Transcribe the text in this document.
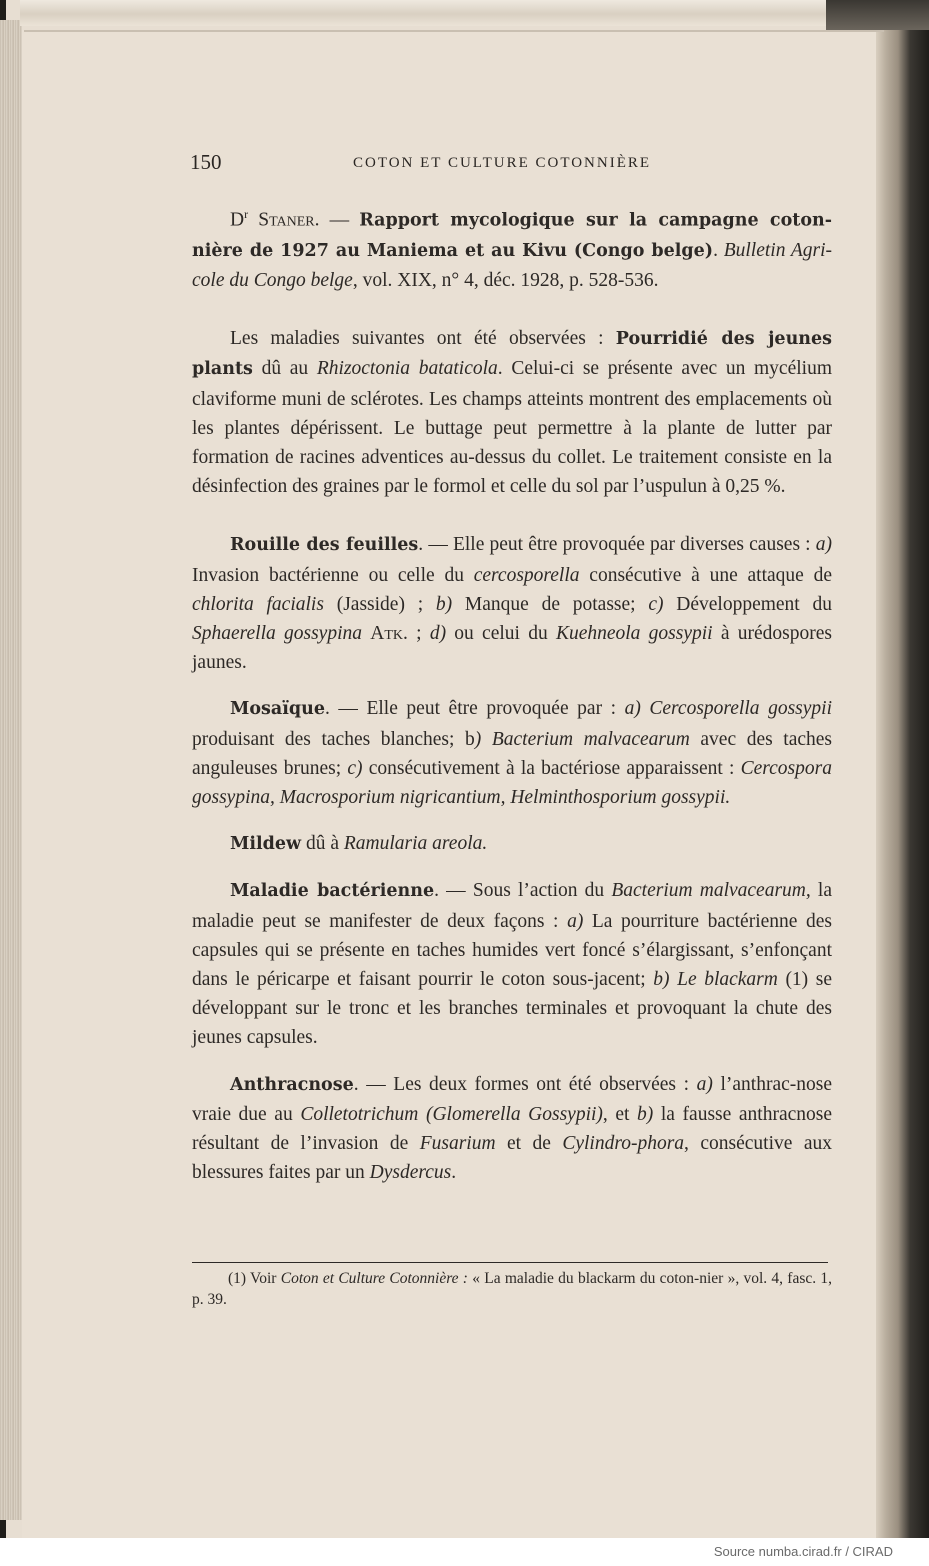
150	COTON ET CULTURE COTONNIÈRE

$D^r$ Staner. — Rapport mycologique sur la campagne coton-nière de 1927 au Maniema et au Kivu (Congo belge). Bulletin Agri-cole du Congo belge, vol. XIX, n° 4, déc. 1928, p. 528-536.

Les maladies suivantes ont été observées : Pourridié des jeunes plants dû au Rhizoctonia bataticola. Celui-ci se présente avec un mycélium claviforme muni de sclérotes. Les champs atteints montrent des emplacements où les plantes dépérissent. Le buttage peut permettre à la plante de lutter par formation de racines adventices au-dessus du collet. Le traitement consiste en la désinfection des graines par le formol et celle du sol par l’uspulun à 0,25 %.

Rouille des feuilles. — Elle peut être provoquée par diverses causes : a) Invasion bactérienne ou celle du cercosporella consécutive à une attaque de chlorita facialis (Jasside) ; b) Manque de potasse; c) Développement du Sphaerella gossypina Atk. ; d) ou celui du Kuehneola gossypii à urédospores jaunes.

Mosaïque. — Elle peut être provoquée par : a) Cercosporella gossypii produisant des taches blanches; b) Bacterium malvacearum avec des taches anguleuses brunes; c) consécutivement à la bactériose apparaissent : Cercospora gossypina, Macrosporium nigricantium, Helminthosporium gossypii.

Mildew dû à Ramularia areola.

Maladie bactérienne. — Sous l’action du Bacterium malvacearum, la maladie peut se manifester de deux façons : a) La pourriture bactérienne des capsules qui se présente en taches humides vert foncé s’élargissant, s’enfonçant dans le péricarpe et faisant pourrir le coton sous-jacent; b) Le blackarm (1) se développant sur le tronc et les branches terminales et provoquant la chute des jeunes capsules.

Anthracnose. — Les deux formes ont été observées : a) l’anthrac-nose vraie due au Colletotrichum (Glomerella Gossypii), et b) la fausse anthracnose résultant de l’invasion de Fusarium et de Cylindro-phora, consécutive aux blessures faites par un Dysdercus.

(1) Voir Coton et Culture Cotonnière : « La maladie du blackarm du coton-nier », vol. 4, fasc. 1, p. 39.

Source numba.cirad.fr / CIRAD
